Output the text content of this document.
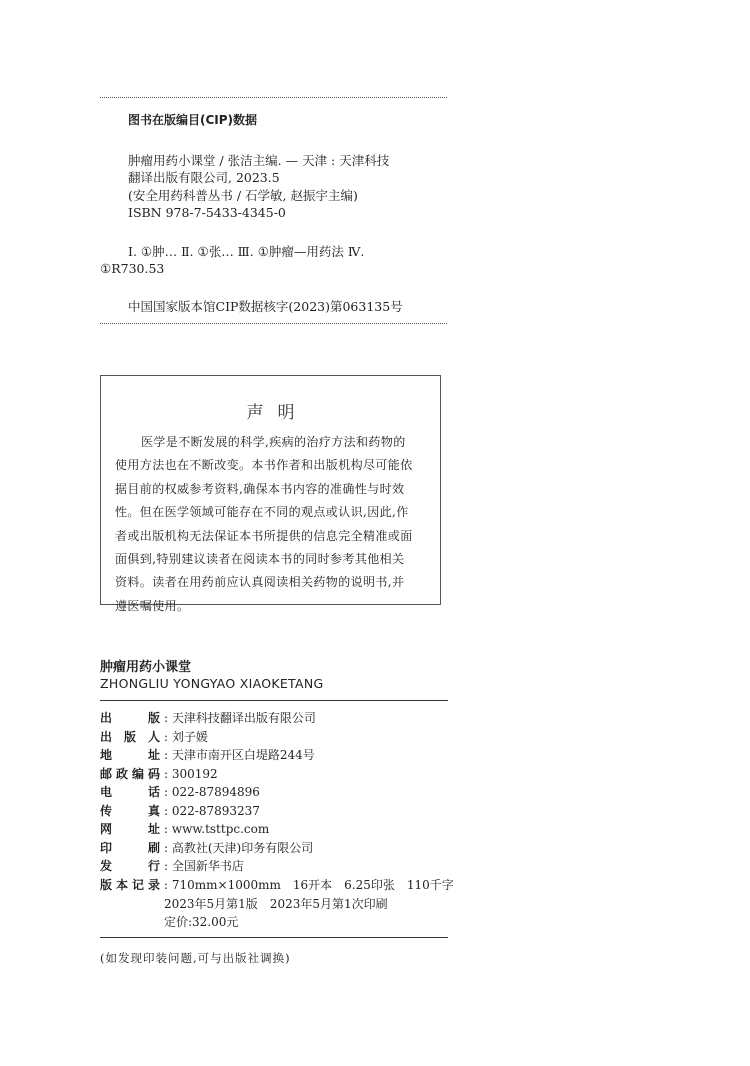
图书在版编目(CIP)数据
肿瘤用药小课堂 / 张洁主编. — 天津 : 天津科技
翻译出版有限公司, 2023.5
(安全用药科普丛书 / 石学敏, 赵振宇主编)
ISBN 978-7-5433-4345-0
Ⅰ. ①肿… Ⅱ. ①张… Ⅲ. ①肿瘤—用药法 Ⅳ.
①R730.53
中国国家版本馆CIP数据核字(2023)第063135号
声明
医学是不断发展的科学,疾病的治疗方法和药物的
使用方法也在不断改变。本书作者和出版机构尽可能依
据目前的权威参考资料,确保本书内容的准确性与时效
性。但在医学领域可能存在不同的观点或认识,因此,作
者或出版机构无法保证本书所提供的信息完全精准或面
面俱到,特别建议读者在阅读本书的同时参考其他相关
资料。读者在用药前应认真阅读相关药物的说明书,并
遵医嘱使用。
肿瘤用药小课堂
ZHONGLIU YONGYAO XIAOKETANG
出版 : 天津科技翻译出版有限公司
出版人 : 刘子媛
地址 : 天津市南开区白堤路244号
邮政编码 : 300192
电话 : 022-87894896
传真 : 022-87893237
网址 : www.tsttpc.com
印刷 : 高教社(天津)印务有限公司
发行 : 全国新华书店
版本记录 : 710mm×1000mm　16开本　6.25印张　110千字
2023年5月第1版　2023年5月第1次印刷
定价:32.00元
(如发现印装问题,可与出版社调换)
